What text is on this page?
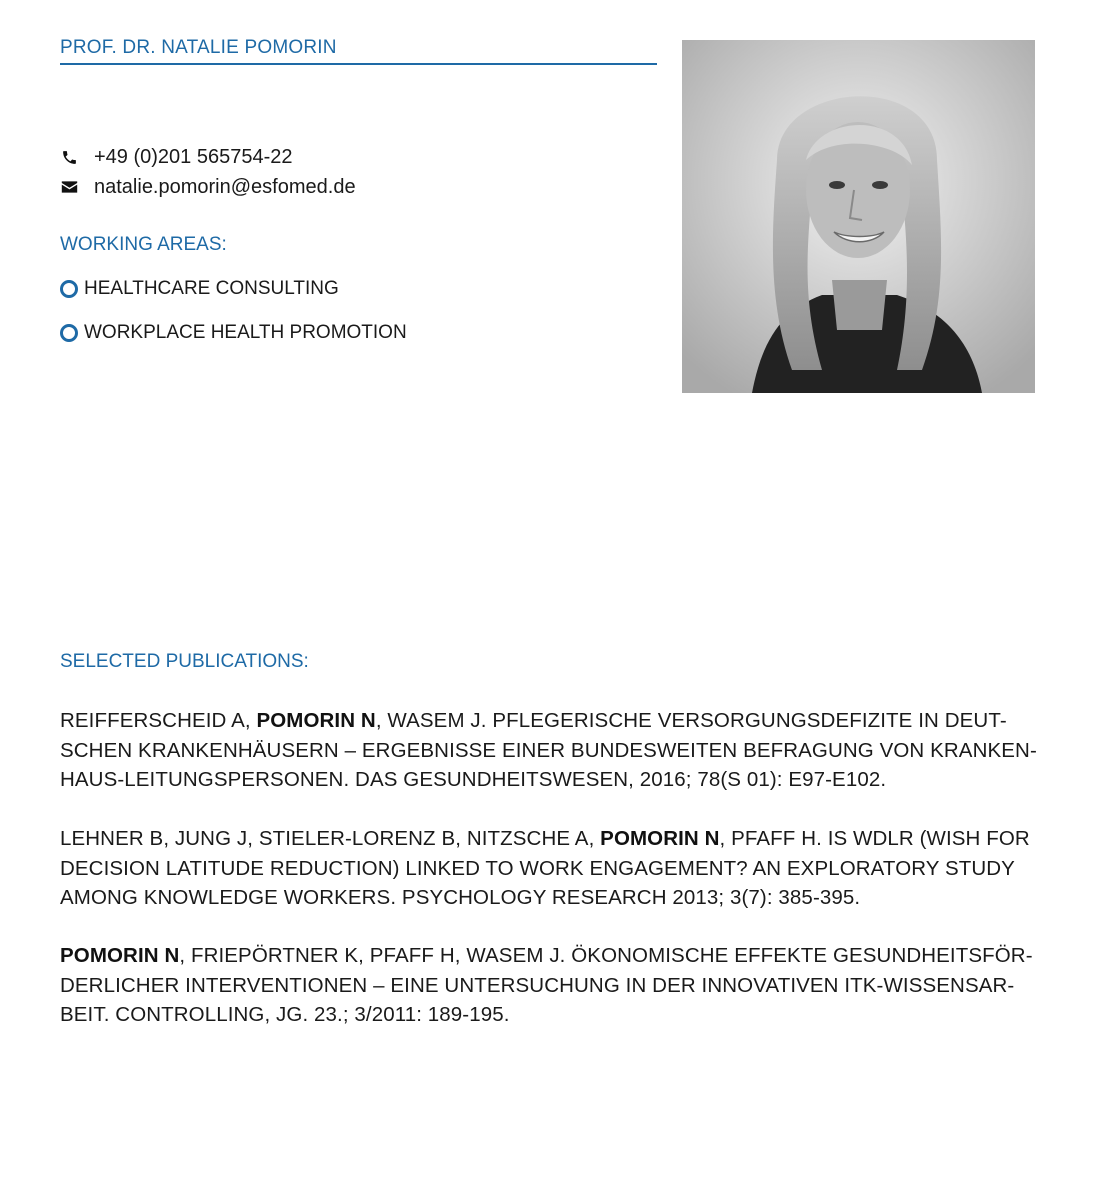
PROF. DR. NATALIE POMORIN
+49 (0)201 565754-22
natalie.pomorin@esfomed.de
WORKING AREAS:
HEALTHCARE CONSULTING
WORKPLACE HEALTH PROMOTION
SELECTED PUBLICATIONS:

REIFFERSCHEID A, POMORIN N, WASEM J. PFLEGERISCHE VERSORGUNGSDEFIZITE IN DEUT-SCHEN KRANKENHÄUSERN – ERGEBNISSE EINER BUNDESWEITEN BEFRAGUNG VON KRANKEN-HAUS-LEITUNGSPERSONEN. DAS GESUNDHEITSWESEN, 2016; 78(S 01): E97-E102.

LEHNER B, JUNG J, STIELER-LORENZ B, NITZSCHE A, POMORIN N, PFAFF H. IS WDLR (WISH FOR DECISION LATITUDE REDUCTION) LINKED TO WORK ENGAGEMENT? AN EXPLORATORY STUDY AMONG KNOWLEDGE WORKERS. PSYCHOLOGY RESEARCH 2013; 3(7): 385-395.

POMORIN N, FRIEPÖRTNER K, PFAFF H, WASEM J. ÖKONOMISCHE EFFEKTE GESUNDHEITSFÖR-DERLICHER INTERVENTIONEN – EINE UNTERSUCHUNG IN DER INNOVATIVEN ITK-WISSENSAR-BEIT. CONTROLLING, JG. 23.; 3/2011: 189-195.
